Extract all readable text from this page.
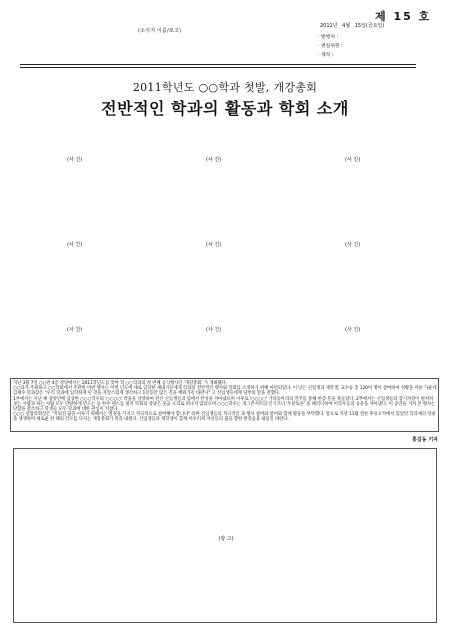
(소식지 이름/로고)
제 15 호
2011년 4월 15일(금요일)
· 발행처 :
· 편집위원 :
· 제작 :
2011학년도 ○○학과 첫발, 개강총회
전반적인 학과의 활동과 학회 소개
(사 진)	(사 진)	(사 진)
(사 진)	(사 진)	(사 진)
(사 진)	(사 진)	(사 진)

지난 3월 7일 ○○관 4층 강당에서는 2011학년도를 맞아 학 ○○학과의 첫 번째 공식행사인 '개강총회' 가 개최됐다.

○○과가 주최하고 ○○학회에서 주관한 이번 행사는 이번 년도에 새로 입학한 새내기들에게 학과의 전반적인 행사와 학회를 소개하기 위해 마련되었다. 이 날은 신입생과 재학생, 교수등 총 120여 명이 참여하여 성황을 이룬 가운데 김재수 학과장은 "우리 학과에 입학하게 된 것을 자랑스럽게 생각하고 1년동안 많은 것을 배워가길 바란다" 고 신입생들에게 당부의 말을 전했다.

1부에서는 지난 해 중앙연에 입상한 ○○○학우의 '○○○○' 작품을 상영하여 전신 신입생들의 입에서 탄성을 자아냈으며 이후로 '○○○○' 기타동아리의 연주를 통해 한층 흥을 북돋았다. 2부에서는 신입생들의 장기자랑이 펼쳐져 보는 사람과 하는 사람 모두 만땅하게 만드는 등 한수 댄스를 펼쳐 학회의 강당은 웃음 소리로 떠나지 않았으며 ○○○학우는 개그콘서트의 인기코너 '두분토론' 을 패러디하여 어학우들의 공분을 자아냈다. 이 공연을 거쳐 본 행사는 단합을 강조하고 학생들 모두 학과에 대한 관심이 커졌다.

○○○ 연합학회장은 "지워진 꿈을 이루기 위해서는 열정을 가지고 적극적으로 참여해야 합니다" 라며 신입생들의 적극적인 과 행사 참여와 참여와 함께 활동을 부탁했다. 앞으로 지난 11월 결론 후유오카에서 있었던 학과제의 영광을 생생하며 새로운 한 해의 각오를 다지는 개강총회가 막을 내렸다. 신입생들과 재학생이 함께 어우러져 자신들의 꿈을 향한 발걸음을 내딛길 바란다.

홍길동 기자
(광 고)
